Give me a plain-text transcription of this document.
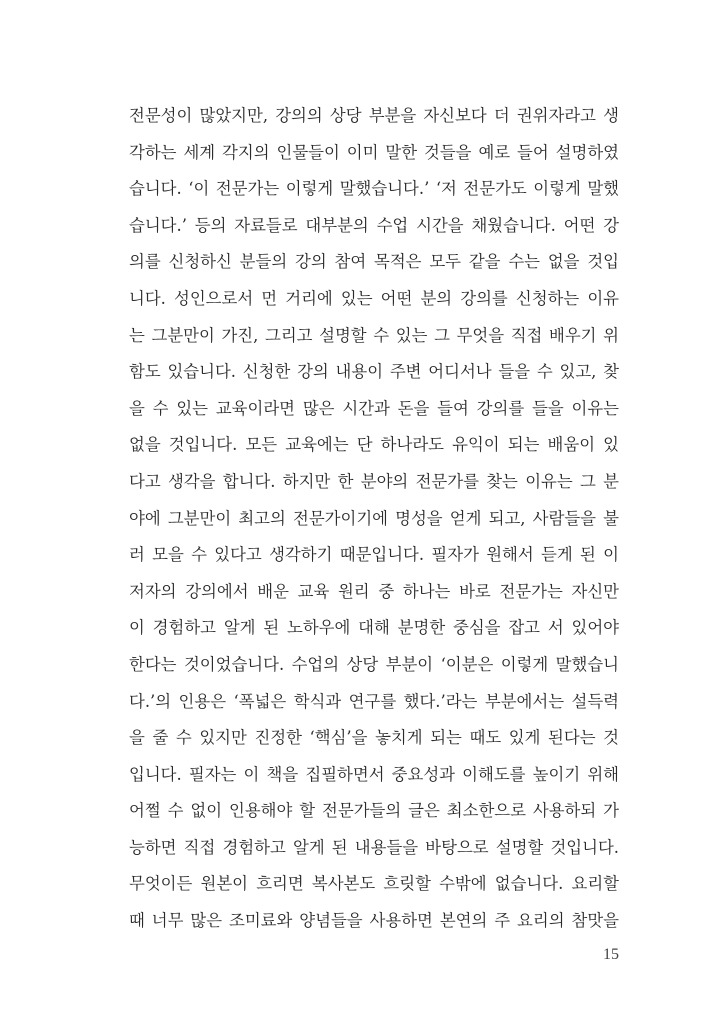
전문성이 많았지만, 강의의 상당 부분을 자신보다 더 권위자라고 생
각하는 세계 각지의 인물들이 이미 말한 것들을 예로 들어 설명하였
습니다. ‘이 전문가는 이렇게 말했습니다.’ ‘저 전문가도 이렇게 말했
습니다.’ 등의 자료들로 대부분의 수업 시간을 채웠습니다. 어떤 강
의를 신청하신 분들의 강의 참여 목적은 모두 같을 수는 없을 것입
니다. 성인으로서 먼 거리에 있는 어떤 분의 강의를 신청하는 이유
는 그분만이 가진, 그리고 설명할 수 있는 그 무엇을 직접 배우기 위
함도 있습니다. 신청한 강의 내용이 주변 어디서나 들을 수 있고, 찾
을 수 있는 교육이라면 많은 시간과 돈을 들여 강의를 들을 이유는
없을 것입니다. 모든 교육에는 단 하나라도 유익이 되는 배움이 있
다고 생각을 합니다. 하지만 한 분야의 전문가를 찾는 이유는 그 분
야에 그분만이 최고의 전문가이기에 명성을 얻게 되고, 사람들을 불
러 모을 수 있다고 생각하기 때문입니다. 필자가 원해서 듣게 된 이
저자의 강의에서 배운 교육 원리 중 하나는 바로 전문가는 자신만
이 경험하고 알게 된 노하우에 대해 분명한 중심을 잡고 서 있어야
한다는 것이었습니다. 수업의 상당 부분이 ‘이분은 이렇게 말했습니
다.’의 인용은 ‘폭넓은 학식과 연구를 했다.’라는 부분에서는 설득력
을 줄 수 있지만 진정한 ‘핵심’을 놓치게 되는 때도 있게 된다는 것
입니다. 필자는 이 책을 집필하면서 중요성과 이해도를 높이기 위해
어쩔 수 없이 인용해야 할 전문가들의 글은 최소한으로 사용하되 가
능하면 직접 경험하고 알게 된 내용들을 바탕으로 설명할 것입니다.
무엇이든 원본이 흐리면 복사본도 흐릿할 수밖에 없습니다. 요리할
때 너무 많은 조미료와 양념들을 사용하면 본연의 주 요리의 참맛을
15
